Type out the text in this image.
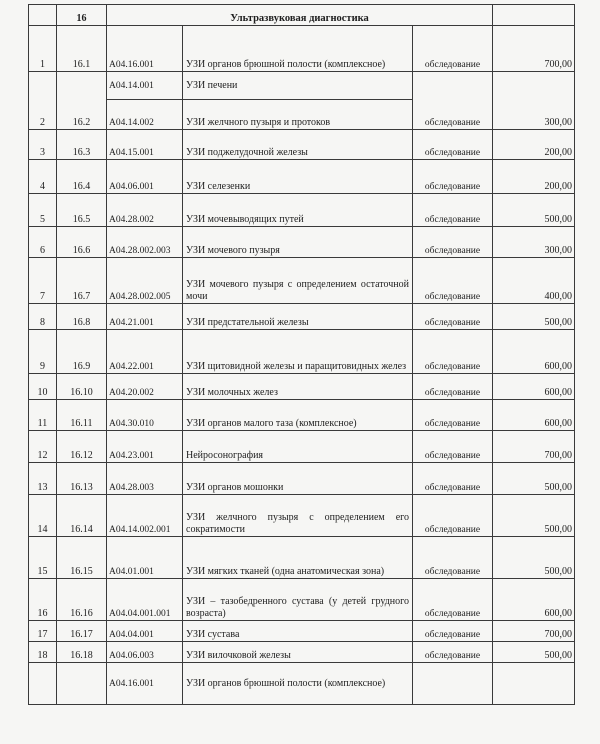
	16	Ультразвуковая диагностика			
1	16.1	А04.16.001	УЗИ органов брюшной полости (комплексное)	обследование	700,00
		А04.14.001	УЗИ печени		
2	16.2	А04.14.002	УЗИ желчного пузыря и протоков	обследование	300,00
3	16.3	А04.15.001	УЗИ поджелудочной железы	обследование	200,00
4	16.4	А04.06.001	УЗИ селезенки	обследование	200,00
5	16.5	А04.28.002	УЗИ мочевыводящих путей	обследование	500,00
6	16.6	А04.28.002.003	УЗИ мочевого пузыря	обследование	300,00
7	16.7	А04.28.002.005	УЗИ мочевого пузыря с определением остаточной мочи	обследование	400,00
8	16.8	А04.21.001	УЗИ предстательной железы	обследование	500,00
9	16.9	А04.22.001	УЗИ щитовидной железы и паращитовидных желез	обследование	600,00
10	16.10	А04.20.002	УЗИ молочных желез	обследование	600,00
11	16.11	А04.30.010	УЗИ органов малого таза (комплексное)	обследование	600,00
12	16.12	А04.23.001	Нейросонография	обследование	700,00
13	16.13	А04.28.003	УЗИ органов мошонки	обследование	500,00
14	16.14	А04.14.002.001	УЗИ желчного пузыря с определением его сократимости	обследование	500,00
15	16.15	А04.01.001	УЗИ мягких тканей (одна анатомическая зона)	обследование	500,00
16	16.16	А04.04.001.001	УЗИ – тазобедренного сустава (у детей грудного возраста)	обследование	600,00
17	16.17	А04.04.001	УЗИ сустава	обследование	700,00
18	16.18	А04.06.003	УЗИ вилочковой железы	обследование	500,00
		А04.16.001	УЗИ органов брюшной полости (комплексное)		
